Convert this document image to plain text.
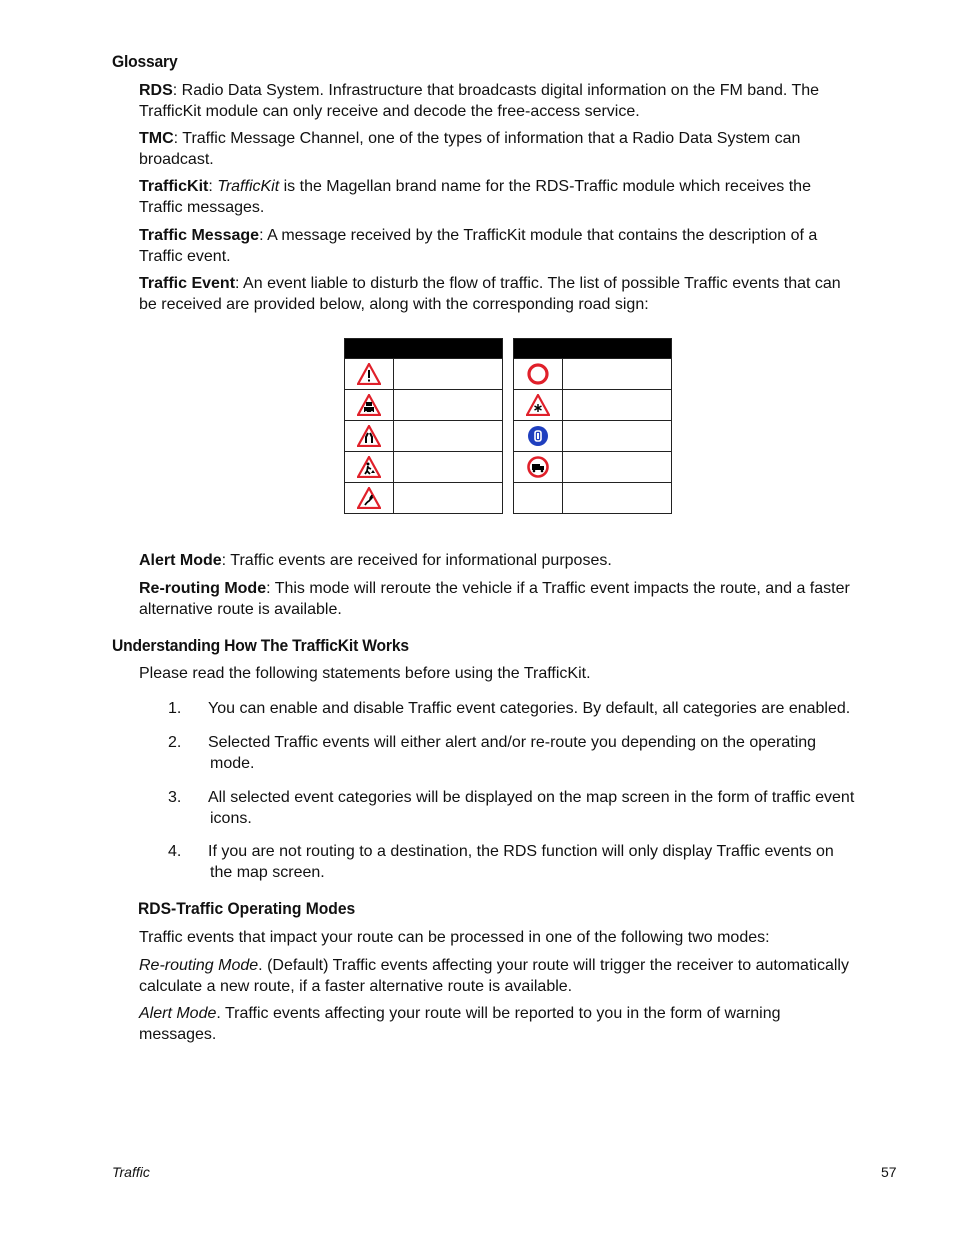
Glossary

RDS: Radio Data System. Infrastructure that broadcasts digital information on the FM band. The
TrafficKit module can only receive and decode the free-access service.

TMC: Traffic Message Channel, one of the types of information that a Radio Data System can
broadcast.

TrafficKit: TrafficKit is the Magellan brand name for the RDS-Traffic module which receives the
Traffic messages.

Traffic Message: A message received by the TrafficKit module that contains the description of a
Traffic event.

Traffic Event: An event liable to disturb the flow of traffic. The list of possible Traffic events that can
be received are provided below, along with the corresponding road sign:

Alert Mode: Traffic events are received for informational purposes.

Re-routing Mode: This mode will reroute the vehicle if a Traffic event impacts the route, and a faster
alternative route is available.

Understanding How The TrafficKit Works

Please read the following statements before using the TrafficKit.

1. You can enable and disable Traffic event categories. By default, all categories are enabled.
2. Selected Traffic events will either alert and/or re-route you depending on the operating
mode.
3. All selected event categories will be displayed on the map screen in the form of traffic event
icons.
4. If you are not routing to a destination, the RDS function will only display Traffic events on
the map screen.
RDS-Traffic Operating Modes

Traffic events that impact your route can be processed in one of the following two modes:

Re-routing Mode. (Default) Traffic events affecting your route will trigger the receiver to automatically
calculate a new route, if a faster alternative route is available.

Alert Mode. Traffic events affecting your route will be reported to you in the form of warning
messages.

Traffic	57
